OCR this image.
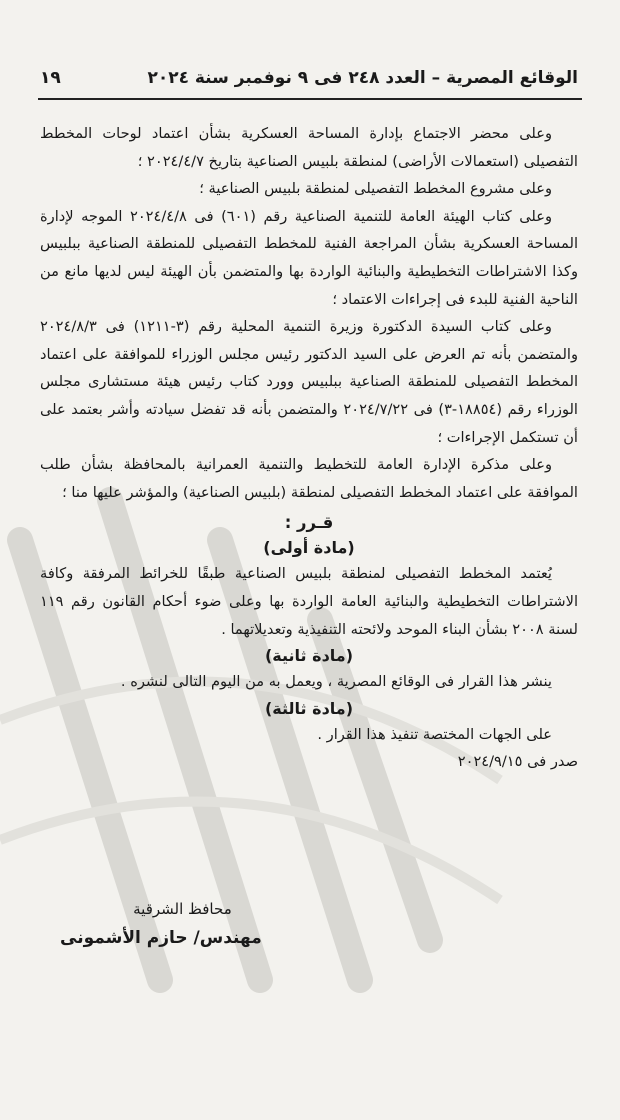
١٩	الوقائع المصرية – العدد ٢٤٨ فى ٩ نوفمبر سنة ٢٠٢٤

وعلى محضر الاجتماع بإدارة المساحة العسكرية بشأن اعتماد لوحات المخطط التفصيلى (استعمالات الأراضى) لمنطقة بلبيس الصناعية بتاريخ ٢٠٢٤/٤/٧ ؛

وعلى مشروع المخطط التفصيلى لمنطقة بلبيس الصناعية ؛

وعلى كتاب الهيئة العامة للتنمية الصناعية رقم (٦٠١) فى ٢٠٢٤/٤/٨ الموجه لإدارة المساحة العسكرية بشأن المراجعة الفنية للمخطط التفصيلى للمنطقة الصناعية ببلبيس وكذا الاشتراطات التخطيطية والبنائية الواردة بها والمتضمن بأن الهيئة ليس لديها مانع من الناحية الفنية للبدء فى إجراءات الاعتماد ؛

وعلى كتاب السيدة الدكتورة وزيرة التنمية المحلية رقم (٣-١٢١١) فى ٢٠٢٤/٨/٣ والمتضمن بأنه تم العرض على السيد الدكتور رئيس مجلس الوزراء للموافقة على اعتماد المخطط التفصيلى للمنطقة الصناعية ببلبيس وورد كتاب رئيس هيئة مستشارى مجلس الوزراء رقم (١٨٨٥٤-٣) فى ٢٠٢٤/٧/٢٢ والمتضمن بأنه قد تفضل سيادته وأشر بعتمد على أن تستكمل الإجراءات ؛

وعلى مذكرة الإدارة العامة للتخطيط والتنمية العمرانية بالمحافظة بشأن طلب الموافقة على اعتماد المخطط التفصيلى لمنطقة (بلبيس الصناعية) والمؤشر عليها منا ؛

قـرر :

(مادة أولى)

يُعتمد المخطط التفصيلى لمنطقة بلبيس الصناعية طبقًا للخرائط المرفقة وكافة الاشتراطات التخطيطية والبنائية العامة الواردة بها وعلى ضوء أحكام القانون رقم ١١٩ لسنة ٢٠٠٨ بشأن البناء الموحد ولائحته التنفيذية وتعديلاتهما .

(مادة ثانية)

ينشر هذا القرار فى الوقائع المصرية ، ويعمل به من اليوم التالى لنشره .

(مادة ثالثة)

على الجهات المختصة تنفيذ هذا القرار .

صدر فى ٢٠٢٤/٩/١٥

محافظ الشرقية
مهندس/ حازم الأشمونى
